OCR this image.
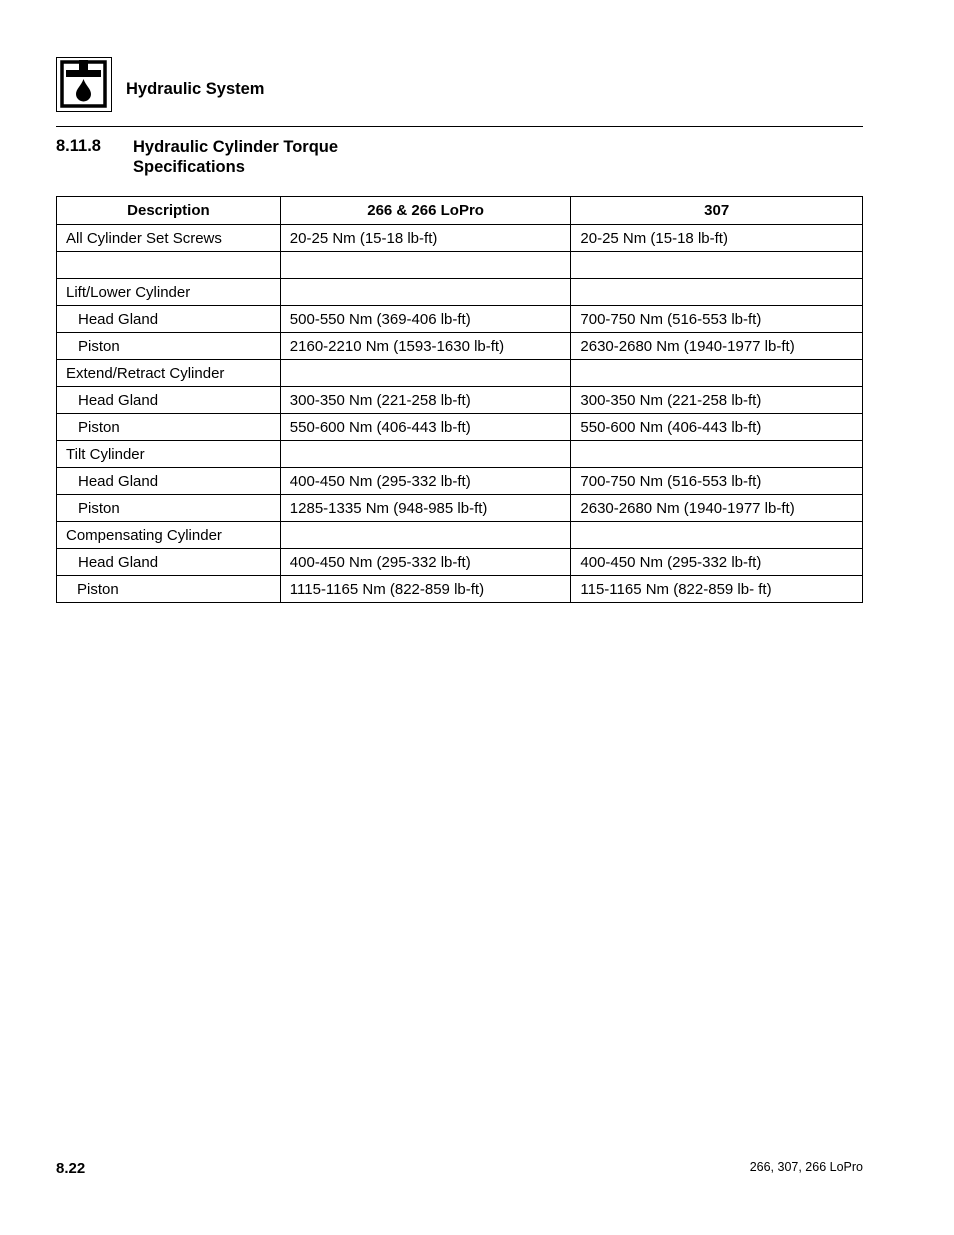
Hydraulic System
8.11.8 Hydraulic Cylinder Torque
Specifications
Description	266 & 266 LoPro	307
All Cylinder Set Screws	20-25 Nm (15-18 lb-ft)	20-25 Nm (15-18 lb-ft)

Lift/Lower Cylinder		
Head Gland	500-550 Nm (369-406 lb-ft)	700-750 Nm (516-553 lb-ft)
Piston	2160-2210 Nm (1593-1630 lb-ft)	2630-2680 Nm (1940-1977 lb-ft)
Extend/Retract Cylinder		
Head Gland	300-350 Nm (221-258 lb-ft)	300-350 Nm (221-258 lb-ft)
Piston	550-600 Nm (406-443 lb-ft)	550-600 Nm (406-443 lb-ft)
Tilt Cylinder		
Head Gland	400-450 Nm (295-332 lb-ft)	700-750 Nm (516-553 lb-ft)
Piston	1285-1335 Nm (948-985 lb-ft)	2630-2680 Nm (1940-1977 lb-ft)
Compensating Cylinder		
Head Gland	400-450 Nm (295-332 lb-ft)	400-450 Nm (295-332 lb-ft)
Piston	1115-1165 Nm (822-859 lb-ft)	115-1165 Nm (822-859 lb- ft)
8.22	266, 307, 266 LoPro
